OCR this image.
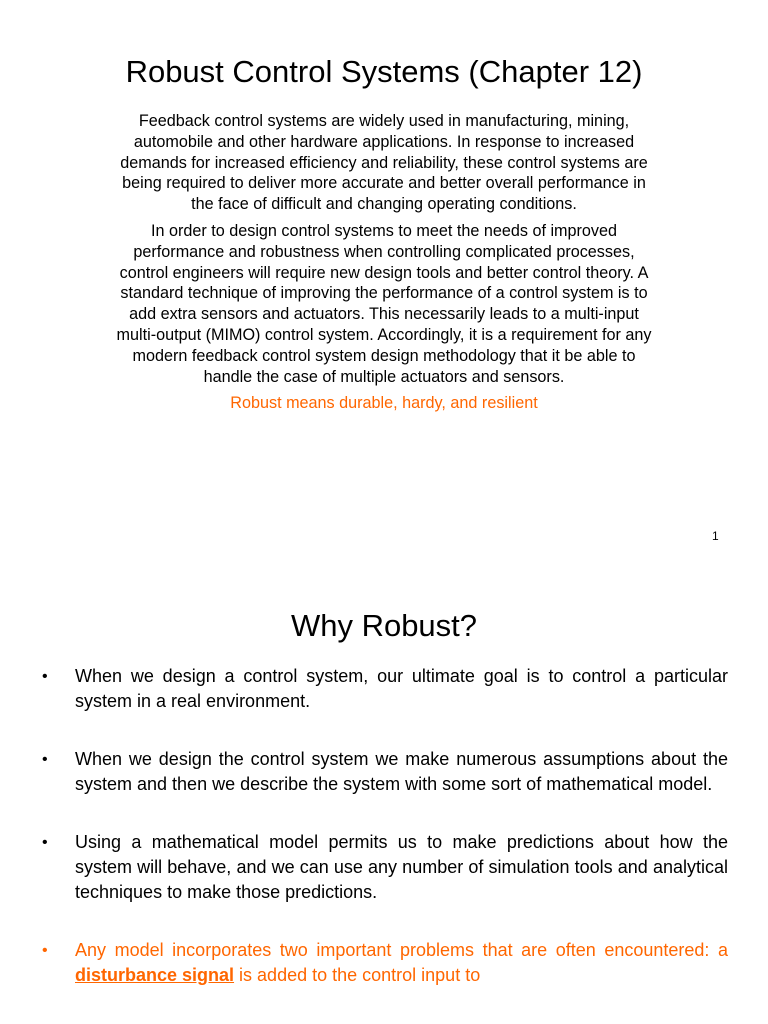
Robust Control Systems (Chapter 12)

Feedback control systems are widely used in manufacturing, mining, automobile and other hardware applications. In response to increased demands for increased efficiency and reliability, these control systems are being required to deliver more accurate and better overall performance in the face of difficult and changing operating conditions.

In order to design control systems to meet the needs of improved performance and robustness when controlling complicated processes, control engineers will require new design tools and better control theory. A standard technique of improving the performance of a control system is to add extra sensors and actuators. This necessarily leads to a multi-input multi-output (MIMO) control system. Accordingly, it is a requirement for any modern feedback control system design methodology that it be able to handle the case of multiple actuators and sensors.

Robust means durable, hardy, and resilient

1
Why Robust?
• When we design a control system, our ultimate goal is to control a particular system in a real environment.
• When we design the control system we make numerous assumptions about the system and then we describe the system with some sort of mathematical model.
• Using a mathematical model permits us to make predictions about how the system will behave, and we can use any number of simulation tools and analytical techniques to make those predictions.
• Any model incorporates two important problems that are often encountered: a disturbance signal is added to the control input to
